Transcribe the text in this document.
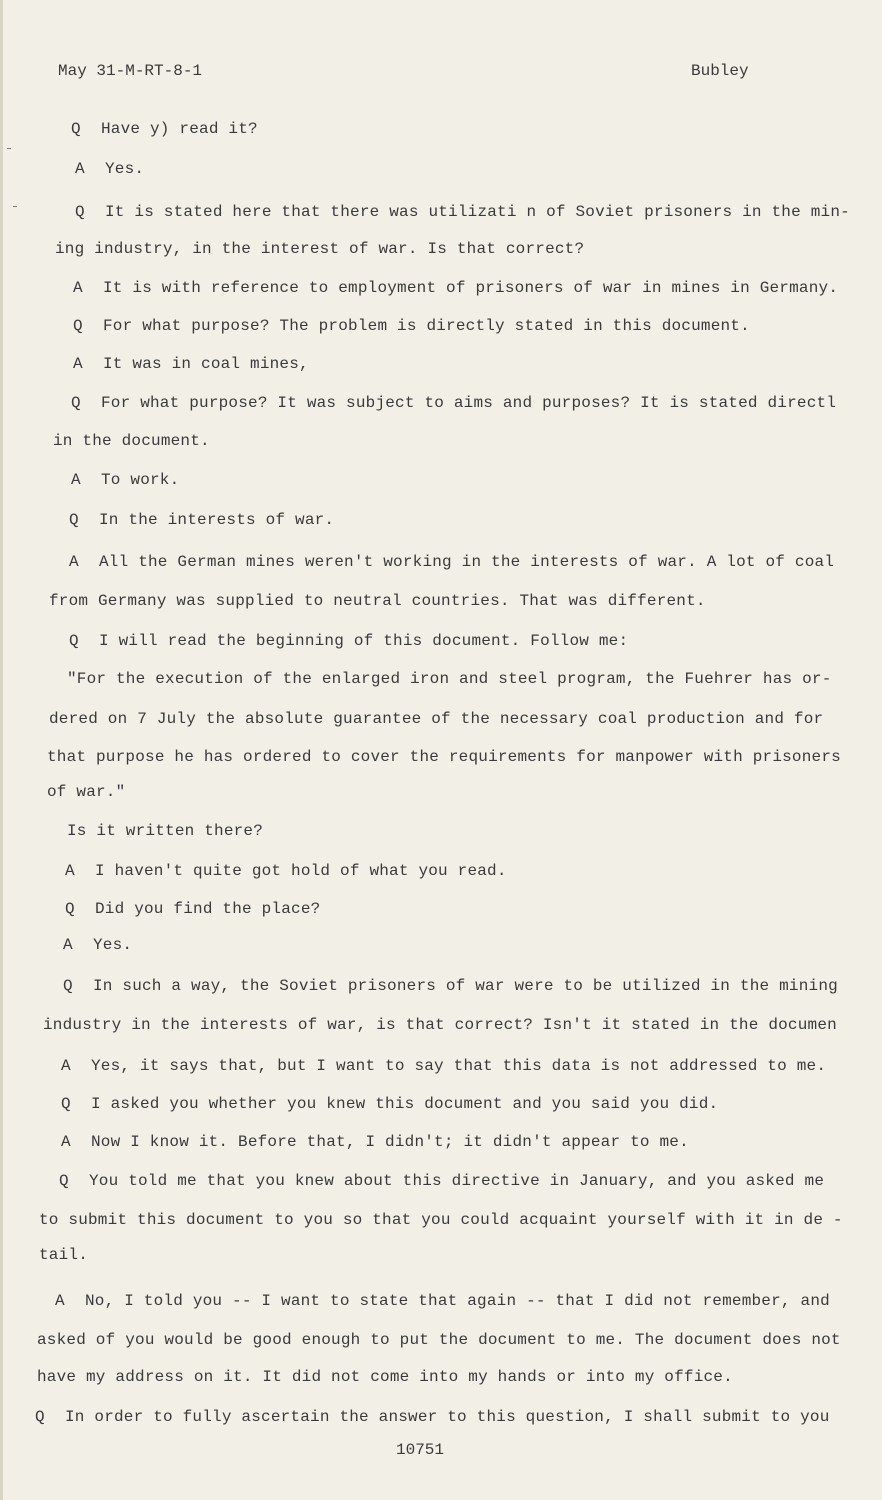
May 31-M-RT-8-1	Bubley
Q Have y) read it?
A Yes.
Q It is stated here that there was utilizati n of Soviet prisoners in the min-
ing industry, in the interest of war. Is that correct?
A It is with reference to employment of prisoners of war in mines in Germany.
Q For what purpose? The problem is directly stated in this document.
A It was in coal mines,
Q For what purpose? It was subject to aims and purposes? It is stated directl
in the document.
A To work.
Q In the interests of war.
A All the German mines weren't working in the interests of war. A lot of coal
from Germany was supplied to neutral countries. That was different.
Q I will read the beginning of this document. Follow me:
"For the execution of the enlarged iron and steel program, the Fuehrer has or-
dered on 7 July the absolute guarantee of the necessary coal production and for
that purpose he has ordered to cover the requirements for manpower with prisoners
of war."
Is it written there?
A I haven't quite got hold of what you read.
Q Did you find the place?
A Yes.
Q In such a way, the Soviet prisoners of war were to be utilized in the mining
industry in the interests of war, is that correct? Isn't it stated in the documen
A Yes, it says that, but I want to say that this data is not addressed to me.
Q I asked you whether you knew this document and you said you did.
A Now I know it. Before that, I didn't; it didn't appear to me.
Q You told me that you knew about this directive in January, and you asked me
to submit this document to you so that you could acquaint yourself with it in de -
tail.
A No, I told you -- I want to state that again -- that I did not remember, and
asked of you would be good enough to put the document to me. The document does not
have my address on it. It did not come into my hands or into my office.
Q In order to fully ascertain the answer to this question, I shall submit to you
10751
